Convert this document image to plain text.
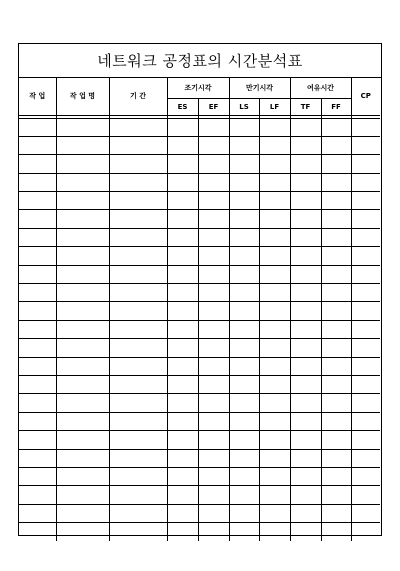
네트워크 공정표의 시간분석표
작 업	작 업 명	기 간	조기시각		만기시각		여유시간		CP
			ES	EF	LS	LF	TF	FF	
